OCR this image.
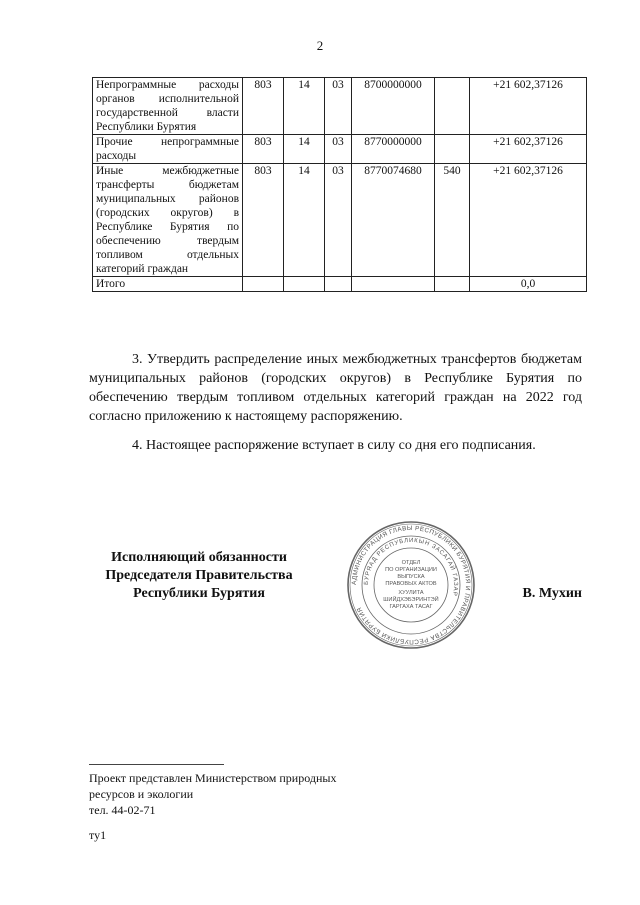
2
Непрограммные расходы органов исполнительной государственной власти Республики Бурятия	803	14	03	8700000000		+21 602,37126
Прочие непрограммные расходы	803	14	03	8770000000		+21 602,37126
Иные межбюджетные трансферты бюджетам муниципальных районов (городских округов) в Республике Бурятия по обеспечению твердым топливом отдельных категорий граждан	803	14	03	8770074680	540	+21 602,37126
Итого						0,0
3. Утвердить распределение иных межбюджетных трансфертов бюджетам муниципальных районов (городских округов) в Республике Бурятия по обеспечению твердым топливом отдельных категорий граждан на 2022 год согласно приложению к настоящему распоряжению.
4. Настоящее распоряжение вступает в силу со дня его подписания.
Исполняющий обязанности
Председателя Правительства
Республики Бурятия
АДМИНИСТРАЦИЯ ГЛАВЫ РЕСПУБЛИКИ БУРЯТИЯ И ПРАВИТЕЛЬСТВА РЕСПУБЛИКИ БУРЯТИЯ
БУРЯАД РЕСПУБЛИКЫН ЗАСАГАЙ ГАЗАР
ОТДЕЛ
ПО ОРГАНИЗАЦИИ
ВЫПУСКА
ПРАВОВЫХ АКТОВ
ХУУЛИТА
ШИЙДХЭБЭРИНТЭЙ
ГАРГАХА ТАСАГ
В. Мухин
Проект представлен Министерством природных
ресурсов и экологии
тел. 44-02-71
ту1
